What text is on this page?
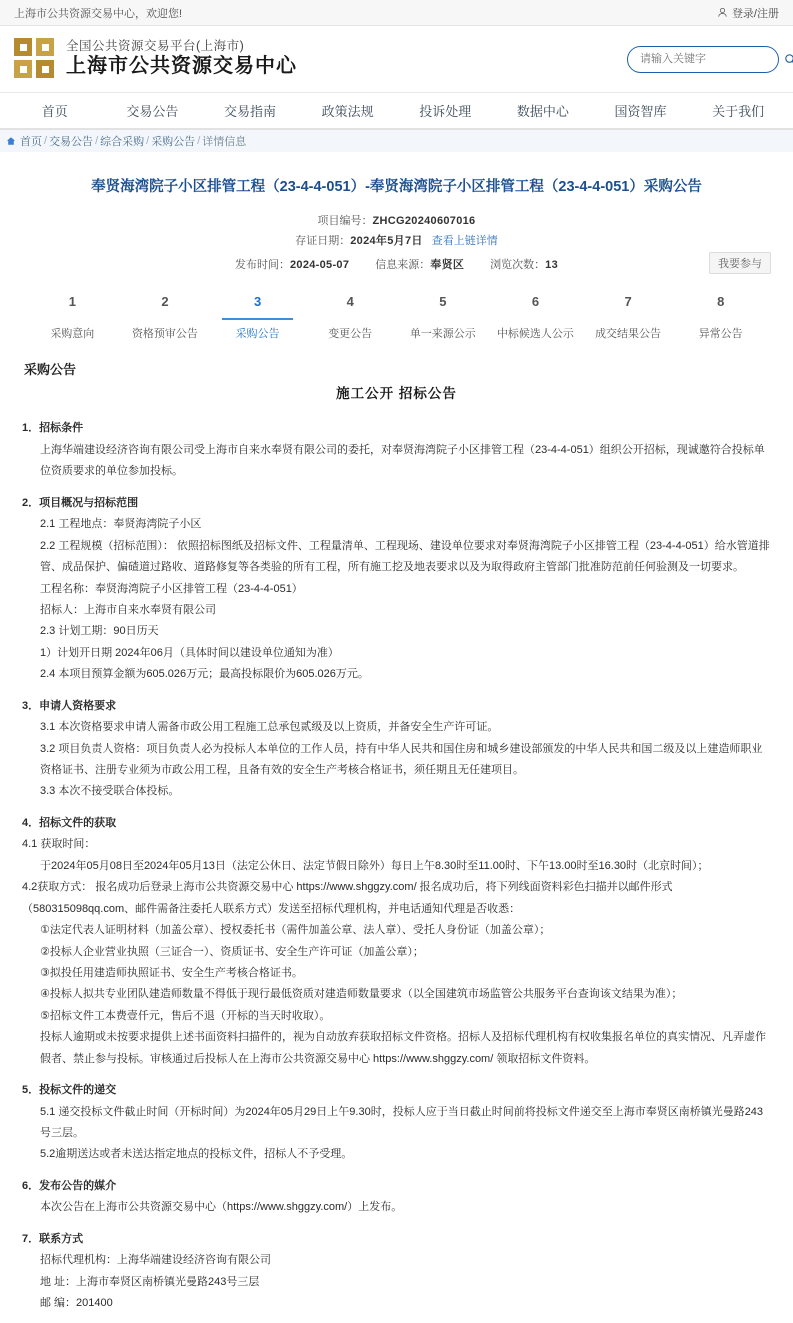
上海市公共资源交易中心，欢迎您!	登录/注册
全国公共资源交易平台(上海市)
上海市公共资源交易中心
请输入关键字
首页	交易公告	交易指南	政策法规	投诉处理	数据中心	国资智库	关于我们
首页 / 交易公告 / 综合采购 / 采购公告 / 详情信息
奉贤海湾院子小区排管工程（23-4-4-051）-奉贤海湾院子小区排管工程（23-4-4-051）采购公告
项目编号：ZHCG20240607016
存证日期：2024年5月7日 查看上链详情
发布时间：2024-05-07 信息来源：奉贤区 浏览次数：13	我要参与
1
采购意向
2
资格预审公告
3
采购公告
4
变更公告
5
单一来源公示
6
中标候选人公示
7
成交结果公告
8
异常公告
采购公告
施工公开 招标公告

1．招标条件

上海华端建设经济咨询有限公司受上海市自来水奉贤有限公司的委托，对奉贤海湾院子小区排管工程（23-4-4-051）组织公开招标，现诚邀符合投标单位资质要求的单位参加投标。

2．项目概况与招标范围

2.1 工程地点：奉贤海湾院子小区

2.2 工程规模（招标范围）： 依照招标图纸及招标文件、工程量清单、工程现场、建设单位要求对奉贤海湾院子小区排管工程（23-4-4-051）给水管道排管、成品保护、偏碴道过路收、道路修复等各类验的所有工程，所有施工挖及地表要求以及为取得政府主管部门批准防范前任何验测及一切要求。

工程名称：奉贤海湾院子小区排管工程（23-4-4-051）

招标人：上海市自来水奉贤有限公司

2.3 计划工期：90日历天

1）计划开日期 2024年06月（具体时间以建设单位通知为准）

2.4 本项目预算金额为605.026万元；最高投标限价为605.026万元。

3．申请人资格要求

3.1 本次资格要求申请人需备市政公用工程施工总承包贰级及以上资质，并备安全生产许可证。

3.2 项目负责人资格：项目负责人必为投标人本单位的工作人员，持有中华人民共和国住房和城乡建设部颁发的中华人民共和国二级及以上建造师职业资格证书、注册专业须为市政公用工程，且备有效的安全生产考核合格证书，须任期且无任建项目。

3.3 本次不接受联合体投标。

4．招标文件的获取

4.1 获取时间：

于2024年05月08日至2024年05月13日（法定公休日、法定节假日除外）每日上午8.30时至11.00时、下午13.00时至16.30时（北京时间）；

4.2获取方式： 报名成功后登录上海市公共资源交易中心 https://www.shggzy.com/ 报名成功后，将下列线面资料彩色扫描并以邮件形式（580315098qq.com、邮件需备注委托人联系方式）发送至招标代理机构，并电话通知代理是否收悉：

①法定代表人证明材料（加盖公章）、授权委托书（需件加盖公章、法人章）、受托人身份证（加盖公章）；

②投标人企业营业执照（三证合一）、资质证书、安全生产许可证（加盖公章）；

③拟投任用建造师执照证书、安全生产考核合格证书。

④投标人拟共专业团队建造师数量不得低于现行最低资质对建造师数量要求（以全国建筑市场监管公共服务平台查询该文结果为准）；

⑤招标文件工本费壹仟元，售后不退（开标的当天时收取）。

投标人逾期或未按要求提供上述书面资料扫描件的，视为自动放弃获取招标文件资格。招标人及招标代理机构有权收集报名单位的真实情况、凡弄虚作假者、禁止参与投标。审核通过后投标人在上海市公共资源交易中心 https://www.shggzy.com/ 领取招标文件资料。

5．投标文件的递交

5.1 递交投标文件截止时间（开标时间）为2024年05月29日上午9.30时，投标人应于当日截止时间前将投标文件递交至上海市奉贤区南桥镇光曼路243号三层。

5.2逾期送达或者未送达指定地点的投标文件，招标人不予受理。

6．发布公告的媒介

本次公告在上海市公共资源交易中心（https://www.shggzy.com/）上发布。

7．联系方式

招标代理机构：上海华端建设经济咨询有限公司

地 址：上海市奉贤区南桥镇光曼路243号三层

邮 编：201400
